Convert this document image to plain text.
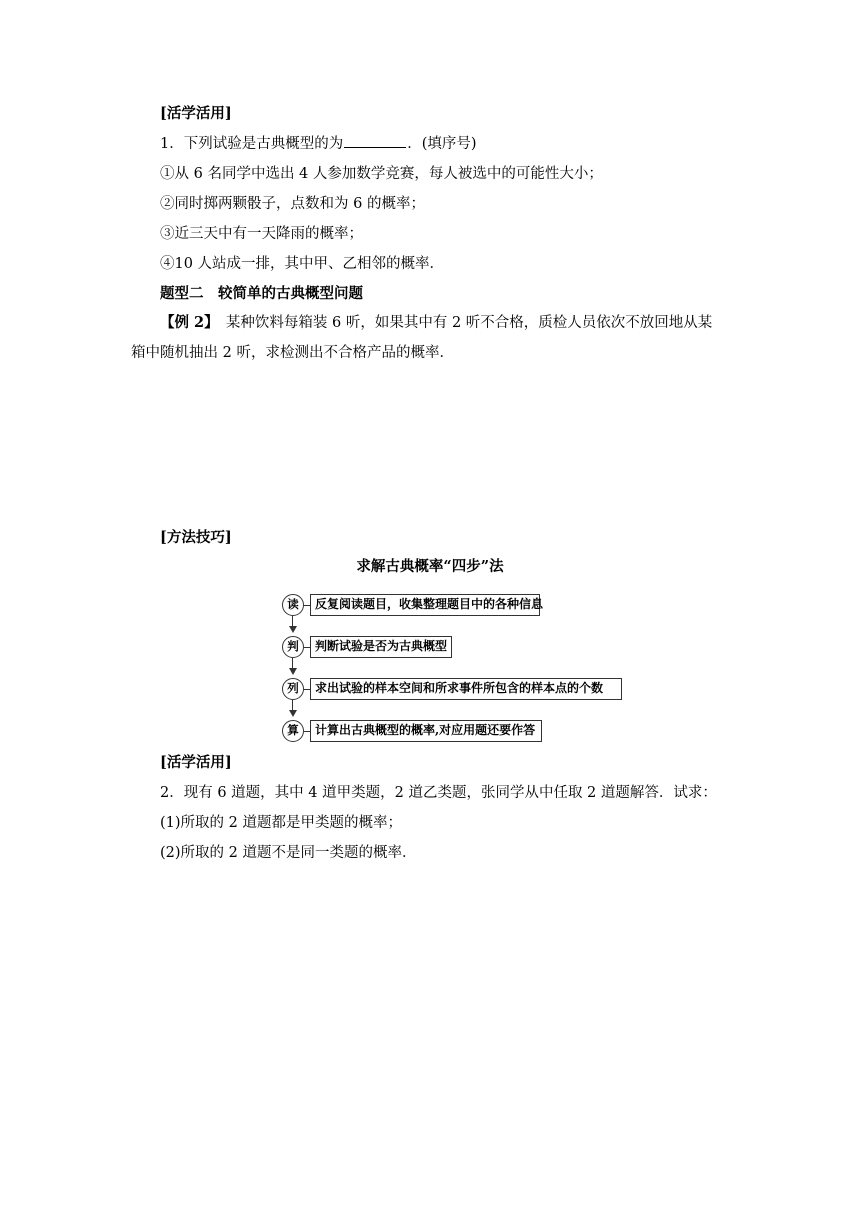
[活学活用]
1．下列试验是古典概型的为	．(填序号)
①从 6 名同学中选出 4 人参加数学竞赛，每人被选中的可能性大小；
②同时掷两颗骰子，点数和为 6 的概率；
③近三天中有一天降雨的概率；
④10 人站成一排，其中甲、乙相邻的概率．
题型二　较简单的古典概型问题
【例 2】　某种饮料每箱装 6 听，如果其中有 2 听不合格，质检人员依次不放回地从某
箱中随机抽出 2 听，求检测出不合格产品的概率．
[方法技巧]
求解古典概率“四步”法
读	反复阅读题目，收集整理题目中的各种信息
判	判断试验是否为古典概型
列	求出试验的样本空间和所求事件所包含的样本点的个数
算	计算出古典概型的概率,对应用题还要作答
[活学活用]
2．现有 6 道题，其中 4 道甲类题，2 道乙类题，张同学从中任取 2 道题解答．试求：
(1)所取的 2 道题都是甲类题的概率；
(2)所取的 2 道题不是同一类题的概率．
